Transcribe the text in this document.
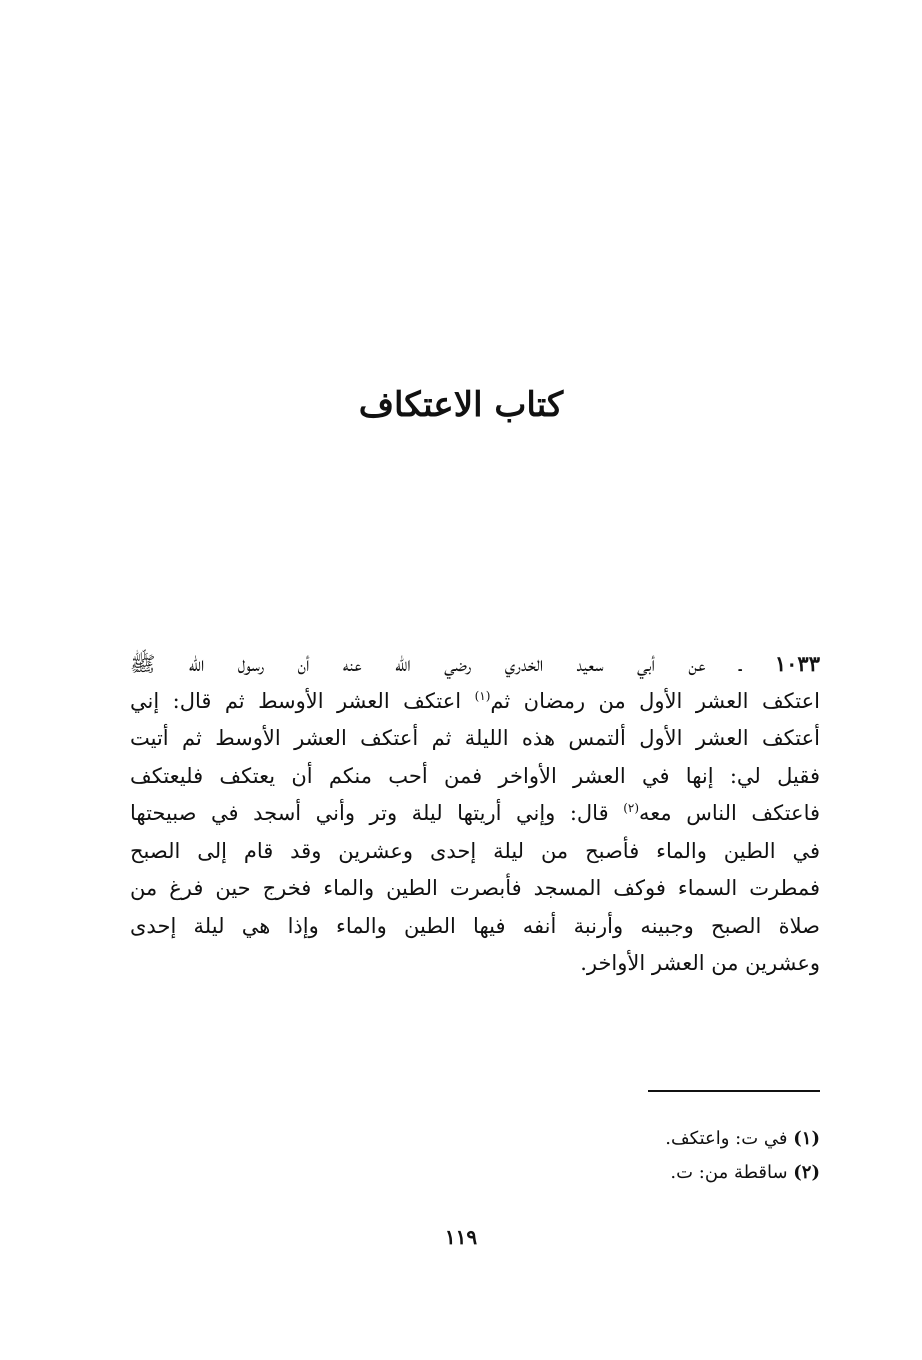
كتاب الاعتكاف
١٠٣٣ ـ عن أبي سعيد الخدري رضي الله عنه أن رسول الله ﷺ
اعتكف العشر الأول من رمضان ثم$^{(١)}$ اعتكف العشر الأوسط ثم قال: إني
أعتكف العشر الأول ألتمس هذه الليلة ثم أعتكف العشر الأوسط ثم أتيت
فقيل لي: إنها في العشر الأواخر فمن أحب منكم أن يعتكف فليعتكف
فاعتكف الناس معه$^{(٢)}$ قال: وإني أريتها ليلة وتر وأني أسجد في صبيحتها
في الطين والماء فأصبح من ليلة إحدى وعشرين وقد قام إلى الصبح
فمطرت السماء فوكف المسجد فأبصرت الطين والماء فخرج حين فرغ من
صلاة الصبح وجبينه وأرنبة أنفه فيها الطين والماء وإذا هي ليلة إحدى
وعشرين من العشر الأواخر.
(١) في ت: واعتكف.
(٢) ساقطة من: ت.
١١٩
